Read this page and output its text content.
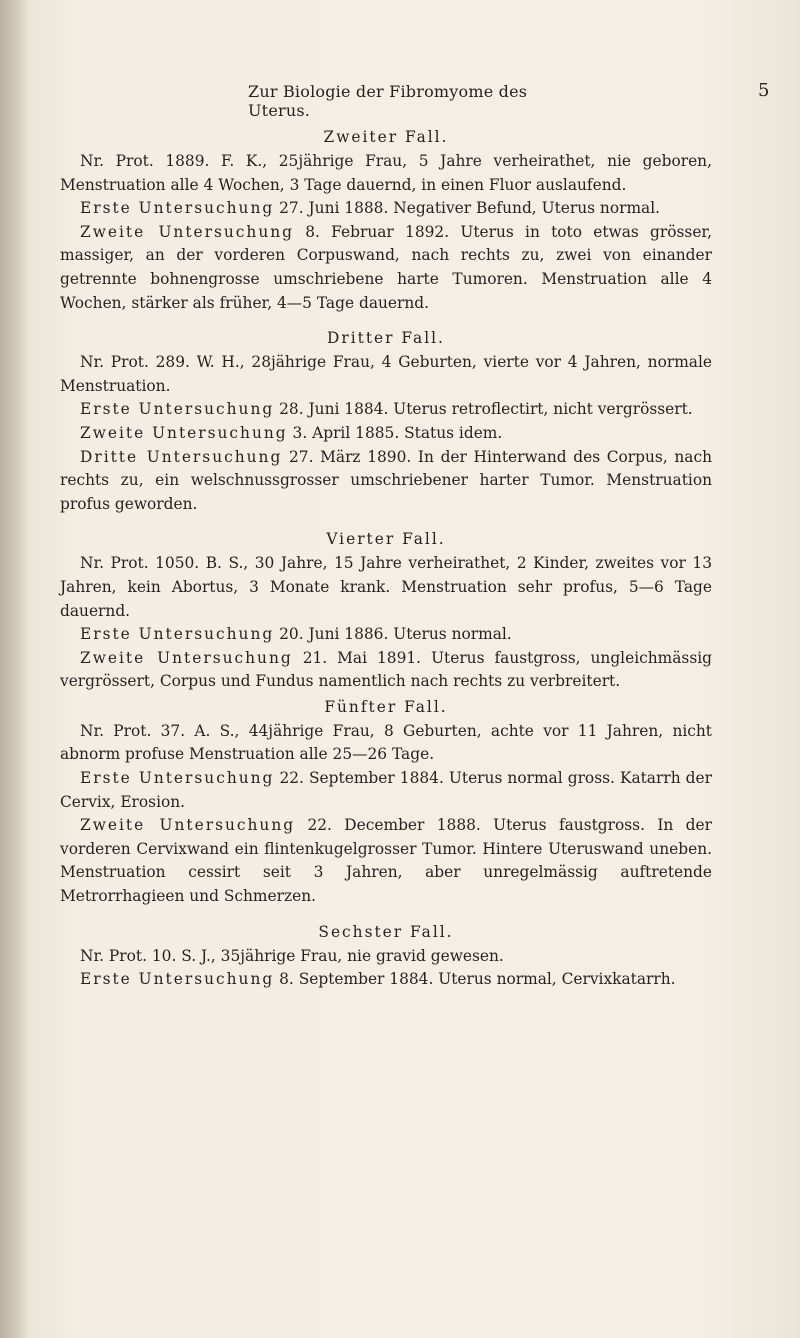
Zur Biologie der Fibromyome des Uterus.
5
Zweiter Fall.

Nr. Prot. 1889. F. K., 25jährige Frau, 5 Jahre verheirathet, nie geboren, Menstruation alle 4 Wochen, 3 Tage dauernd, in einen Fluor auslaufend.

Erste Untersuchung 27. Juni 1888. Negativer Befund, Uterus normal.

Zweite Untersuchung 8. Februar 1892. Uterus in toto etwas grösser, massiger, an der vorderen Corpuswand, nach rechts zu, zwei von einander getrennte bohnengrosse umschriebene harte Tumoren. Menstruation alle 4 Wochen, stärker als früher, 4—5 Tage dauernd.

Dritter Fall.

Nr. Prot. 289. W. H., 28jährige Frau, 4 Geburten, vierte vor 4 Jahren, normale Menstruation.

Erste Untersuchung 28. Juni 1884. Uterus retroflectirt, nicht vergrössert.

Zweite Untersuchung 3. April 1885. Status idem.

Dritte Untersuchung 27. März 1890. In der Hinterwand des Corpus, nach rechts zu, ein welschnussgrosser umschriebener harter Tumor. Menstruation profus geworden.

Vierter Fall.

Nr. Prot. 1050. B. S., 30 Jahre, 15 Jahre verheirathet, 2 Kinder, zweites vor 13 Jahren, kein Abortus, 3 Monate krank. Menstruation sehr profus, 5—6 Tage dauernd.

Erste Untersuchung 20. Juni 1886. Uterus normal.

Zweite Untersuchung 21. Mai 1891. Uterus faustgross, ungleichmässig vergrössert, Corpus und Fundus namentlich nach rechts zu verbreitert.

Fünfter Fall.

Nr. Prot. 37. A. S., 44jährige Frau, 8 Geburten, achte vor 11 Jahren, nicht abnorm profuse Menstruation alle 25—26 Tage.

Erste Untersuchung 22. September 1884. Uterus normal gross. Katarrh der Cervix, Erosion.

Zweite Untersuchung 22. December 1888. Uterus faustgross. In der vorderen Cervixwand ein flintenkugelgrosser Tumor. Hintere Uteruswand uneben. Menstruation cessirt seit 3 Jahren, aber unregelmässig auftretende Metrorrhagieen und Schmerzen.

Sechster Fall.

Nr. Prot. 10. S. J., 35jährige Frau, nie gravid gewesen.

Erste Untersuchung 8. September 1884. Uterus normal, Cervixkatarrh.
